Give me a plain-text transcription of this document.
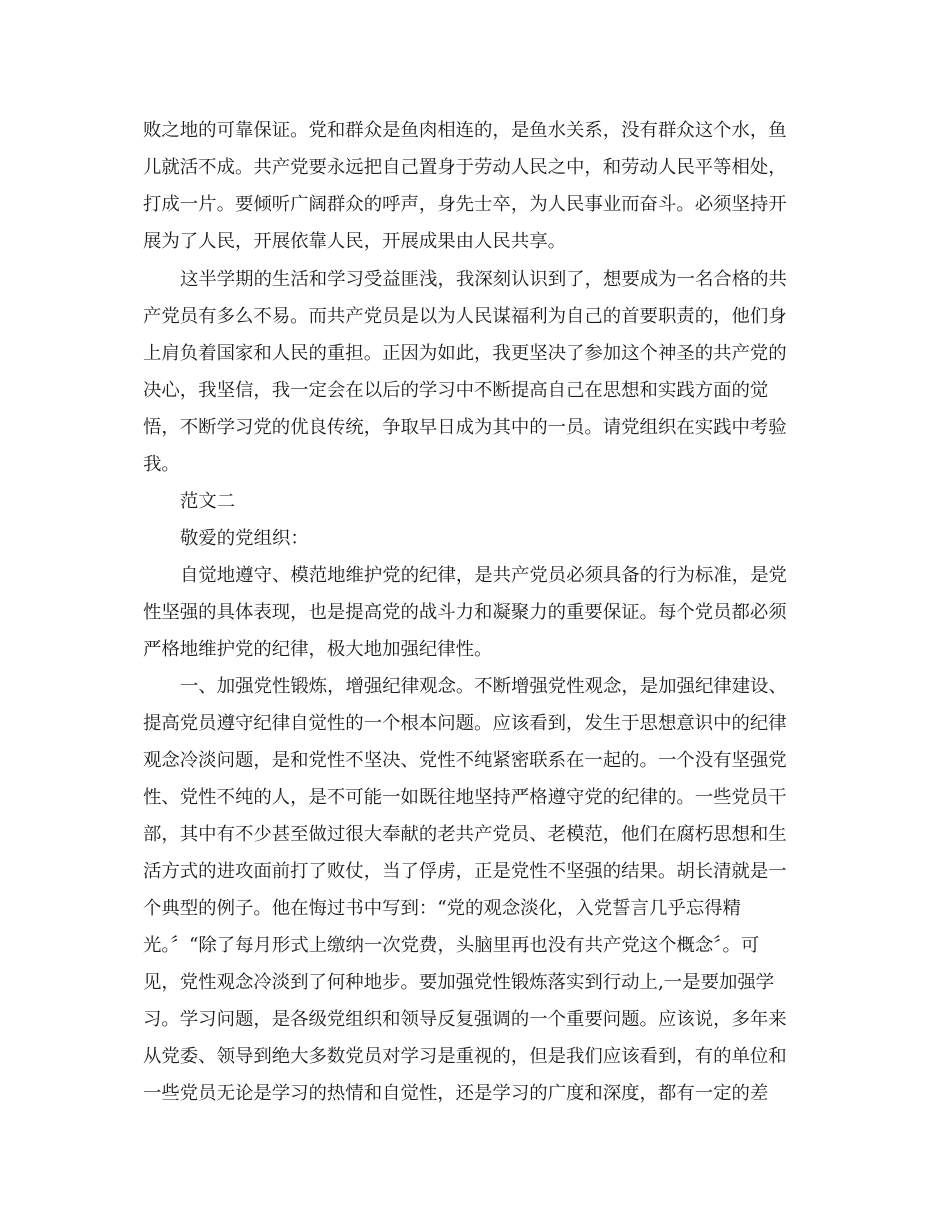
败之地的可靠保证。党和群众是鱼肉相连的，是鱼水关系，没有群众这个水，鱼
儿就活不成。共产党要永远把自己置身于劳动人民之中，和劳动人民平等相处，
打成一片。要倾听广阔群众的呼声，身先士卒，为人民事业而奋斗。必须坚持开
展为了人民，开展依靠人民，开展成果由人民共享。
这半学期的生活和学习受益匪浅，我深刻认识到了，想要成为一名合格的共
产党员有多么不易。而共产党员是以为人民谋福利为自己的首要职责的，他们身
上肩负着国家和人民的重担。正因为如此，我更坚决了参加这个神圣的共产党的
决心，我坚信，我一定会在以后的学习中不断提高自己在思想和实践方面的觉
悟，不断学习党的优良传统，争取早日成为其中的一员。请党组织在实践中考验
我。
范文二
敬爱的党组织：
自觉地遵守、模范地维护党的纪律，是共产党员必须具备的行为标准，是党
性坚强的具体表现，也是提高党的战斗力和凝聚力的重要保证。每个党员都必须
严格地维护党的纪律，极大地加强纪律性。
一、加强党性锻炼，增强纪律观念。不断增强党性观念，是加强纪律建设、
提高党员遵守纪律自觉性的一个根本问题。应该看到，发生于思想意识中的纪律
观念冷淡问题，是和党性不坚决、党性不纯紧密联系在一起的。一个没有坚强党
性、党性不纯的人，是不可能一如既往地坚持严格遵守党的纪律的。一些党员干
部，其中有不少甚至做过很大奉献的老共产党员、老模范，他们在腐朽思想和生
活方式的进攻面前打了败仗，当了俘虏，正是党性不坚强的结果。胡长清就是一
个典型的例子。他在悔过书中写到：“党的观念淡化，入党誓言几乎忘得精
光。〞“除了每月形式上缴纳一次党费，头脑里再也没有共产党这个概念〞。可
见，党性观念冷淡到了何种地步。要加强党性锻炼落实到行动上,一是要加强学
习。学习问题，是各级党组织和领导反复强调的一个重要问题。应该说，多年来
从党委、领导到绝大多数党员对学习是重视的，但是我们应该看到，有的单位和
一些党员无论是学习的热情和自觉性，还是学习的广度和深度，都有一定的差
